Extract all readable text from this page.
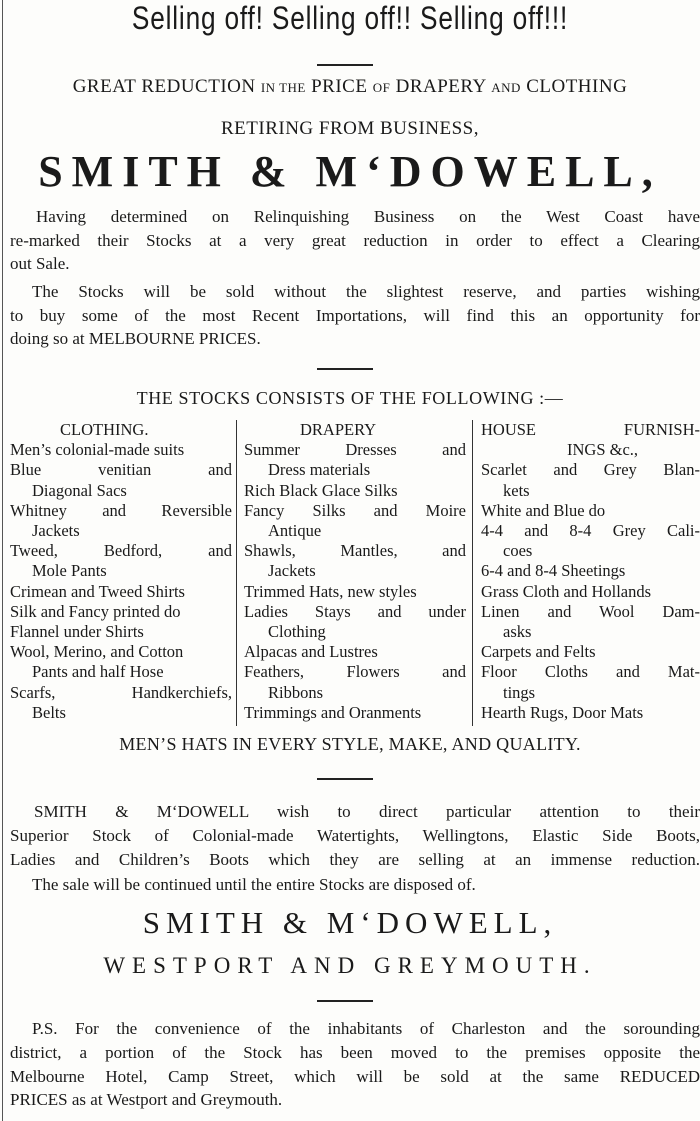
Selling off! Selling off!! Selling off!!!
GREAT REDUCTION IN THE PRICE OF DRAPERY AND CLOTHING
RETIRING FROM BUSINESS,
SMITH & M‘DOWELL,
Having determined on Relinquishing Business on the West Coast have
re-marked their Stocks at a very great reduction in order to effect a Clearing
out Sale.
The Stocks will be sold without the slightest reserve, and parties wishing
to buy some of the most Recent Importations, will find this an opportunity for
doing so at MELBOURNE PRICES.
THE STOCKS CONSISTS OF THE FOLLOWING :—
CLOTHING.
Men’s colonial-made suits
Blue venitian and
Diagonal Sacs
Whitney and Reversible
Jackets
Tweed, Bedford, and
Mole Pants
Crimean and Tweed Shirts
Silk and Fancy printed do
Flannel under Shirts
Wool, Merino, and Cotton
Pants and half Hose
Scarfs, Handkerchiefs,
Belts
DRAPERY
Summer Dresses and
Dress materials
Rich Black Glace Silks
Fancy Silks and Moire
Antique
Shawls, Mantles, and
Jackets
Trimmed Hats, new styles
Ladies Stays and under
Clothing
Alpacas and Lustres
Feathers, Flowers and
Ribbons
Trimmings and Oranments
HOUSE FURNISH-
INGS &c.,
Scarlet and Grey Blan-
kets
White and Blue do
4-4 and 8-4 Grey Cali-
coes
6-4 and 8-4 Sheetings
Grass Cloth and Hollands
Linen and Wool Dam-
asks
Carpets and Felts
Floor Cloths and Mat-
tings
Hearth Rugs, Door Mats
MEN’S HATS IN EVERY STYLE, MAKE, AND QUALITY.
SMITH & M‘DOWELL wish to direct particular attention to their
Superior Stock of Colonial-made Watertights, Wellingtons, Elastic Side Boots,
Ladies and Children’s Boots which they are selling at an immense reduction.
The sale will be continued until the entire Stocks are disposed of.
SMITH & M‘DOWELL,
WESTPORT AND GREYMOUTH.
P.S. For the convenience of the inhabitants of Charleston and the sorounding
district, a portion of the Stock has been moved to the premises opposite the
Melbourne Hotel, Camp Street, which will be sold at the same REDUCED
PRICES as at Westport and Greymouth.
